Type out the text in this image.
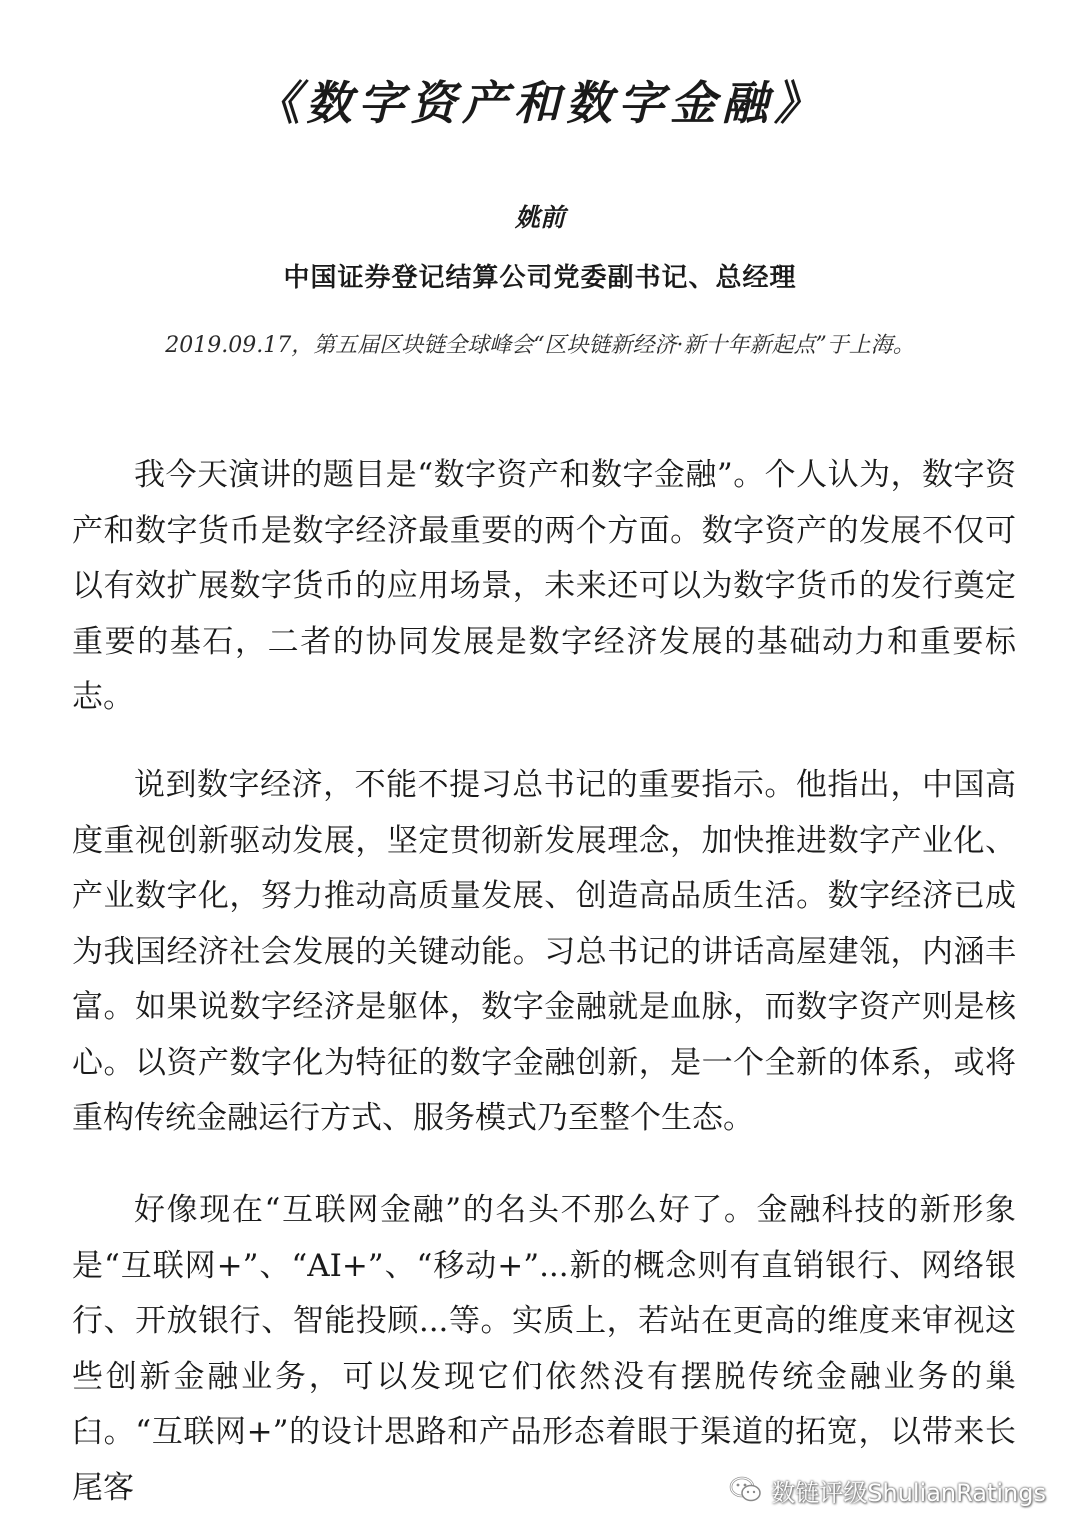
《数字资产和数字金融》
姚前
中国证券登记结算公司党委副书记、总经理
2019.09.17，第五届区块链全球峰会“区块链新经济·新十年新起点”于上海。

我今天演讲的题目是“数字资产和数字金融”。个人认为，数字资产和数字货币是数字经济最重要的两个方面。数字资产的发展不仅可以有效扩展数字货币的应用场景，未来还可以为数字货币的发行奠定重要的基石，二者的协同发展是数字经济发展的基础动力和重要标志。

说到数字经济，不能不提习总书记的重要指示。他指出，中国高度重视创新驱动发展，坚定贯彻新发展理念，加快推进数字产业化、产业数字化，努力推动高质量发展、创造高品质生活。数字经济已成为我国经济社会发展的关键动能。习总书记的讲话高屋建瓴，内涵丰富。如果说数字经济是躯体，数字金融就是血脉，而数字资产则是核心。以资产数字化为特征的数字金融创新，是一个全新的体系，或将重构传统金融运行方式、服务模式乃至整个生态。

好像现在“互联网金融”的名头不那么好了。金融科技的新形象是“互联网+”、“AI+”、“移动+”...新的概念则有直销银行、网络银行、开放银行、智能投顾...等。实质上，若站在更高的维度来审视这些创新金融业务，可以发现它们依然没有摆脱传统金融业务的巢臼。“互联网+”的设计思路和产品形态着眼于渠道的拓宽，以带来长尾客	数链评级ShulianRatings
